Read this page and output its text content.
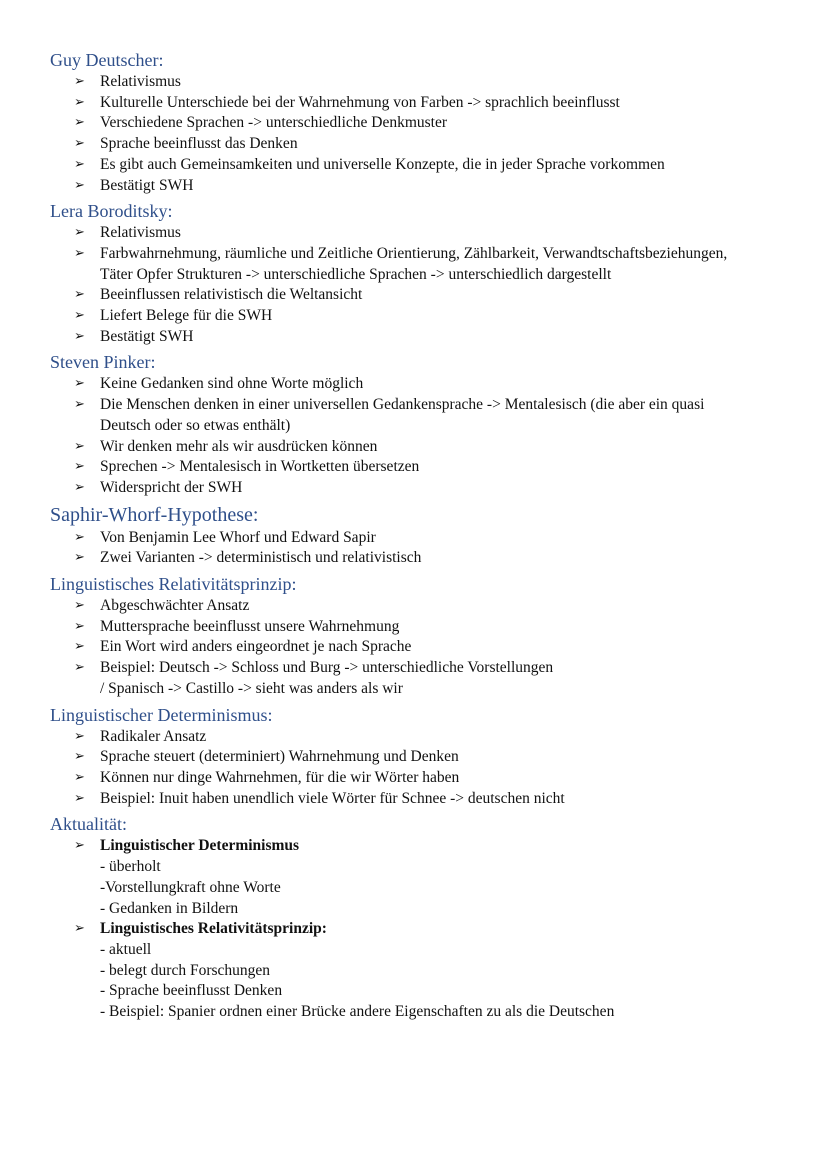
Guy Deutscher:
➢ Relativismus
➢ Kulturelle Unterschiede bei der Wahrnehmung von Farben -> sprachlich beeinflusst
➢ Verschiedene Sprachen -> unterschiedliche Denkmuster
➢ Sprache beeinflusst das Denken
➢ Es gibt auch Gemeinsamkeiten und universelle Konzepte, die in jeder Sprache vorkommen
➢ Bestätigt SWH
Lera Boroditsky:
➢ Relativismus
➢ Farbwahrnehmung, räumliche und Zeitliche Orientierung, Zählbarkeit, Verwandtschaftsbeziehungen,
Täter Opfer Strukturen -> unterschiedliche Sprachen -> unterschiedlich dargestellt
➢ Beeinflussen relativistisch die Weltansicht
➢ Liefert Belege für die SWH
➢ Bestätigt SWH
Steven Pinker:
➢ Keine Gedanken sind ohne Worte möglich
➢ Die Menschen denken in einer universellen Gedankensprache -> Mentalesisch (die aber ein quasi
Deutsch oder so etwas enthält)
➢ Wir denken mehr als wir ausdrücken können
➢ Sprechen -> Mentalesisch in Wortketten übersetzen
➢ Widerspricht der SWH
Saphir-Whorf-Hypothese:
➢ Von Benjamin Lee Whorf und Edward Sapir
➢ Zwei Varianten -> deterministisch und relativistisch
Linguistisches Relativitätsprinzip:
➢ Abgeschwächter Ansatz
➢ Muttersprache beeinflusst unsere Wahrnehmung
➢ Ein Wort wird anders eingeordnet je nach Sprache
➢ Beispiel: Deutsch -> Schloss und Burg -> unterschiedliche Vorstellungen
/ Spanisch -> Castillo -> sieht was anders als wir
Linguistischer Determinismus:
➢ Radikaler Ansatz
➢ Sprache steuert (determiniert) Wahrnehmung und Denken
➢ Können nur dinge Wahrnehmen, für die wir Wörter haben
➢ Beispiel: Inuit haben unendlich viele Wörter für Schnee -> deutschen nicht
Aktualität:
➢ Linguistischer Determinismus
- überholt
-Vorstellungkraft ohne Worte
- Gedanken in Bildern
➢ Linguistisches Relativitätsprinzip:
- aktuell
- belegt durch Forschungen
- Sprache beeinflusst Denken
- Beispiel: Spanier ordnen einer Brücke andere Eigenschaften zu als die Deutschen
